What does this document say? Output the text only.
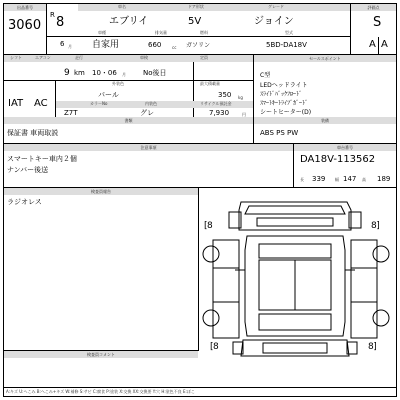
出品番号
3060
R 8
6 月
車名	ドア形状	グレード
エブリイ	5V	ジョイン
車種	排気量	燃料	型式
自家用	660	cc ガソリン	5BD-DA18V
評価点
S
A A
シフト	エアコン	走行	車検	定員
9 km 10・06 月 No後日
外装色	最大積載量
IAT AC
パール	350 kg
カラーNo	内装色	リサイクル預託金
Z7T	グレ	7,930	円
書類
保証書 車両取説
セールスポイント
C型
LEDヘッドライト
ｽﾗｲﾄﾞﾊﾞｯｸﾌﾛｰﾄﾞ
ｽﾏｰﾄｷｰﾄﾗｲﾌﾞｶﾞｰﾄﾞ
シートヒーター(D)
装備
ABS PS PW
注意事項
スマートキー車内２個
ナンバー後送
車台番号
DA18V-113562
長 339 幅 147 高 189
検査員報告
ラジオレス
[8	8]
[8	8]
検査員コメント
A:キズ U:へこみ B:へこみ+キズ W:補修 S:サビ C:腐食 P:塗装 X:交換 XX:交換要 Y:穴 H:塗色不良 E:ぼこ
